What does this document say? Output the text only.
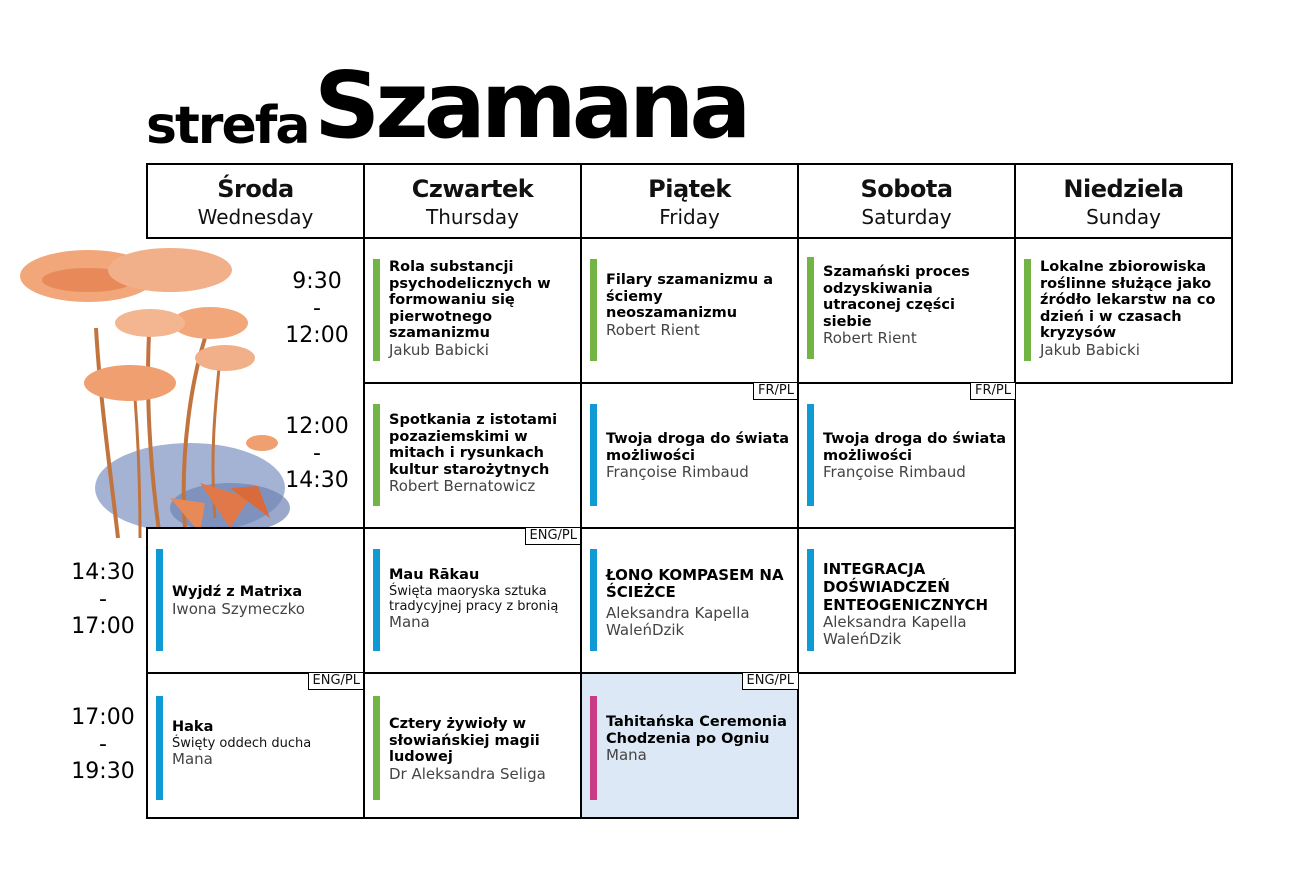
strefa Szamana
Środa
Wednesday
Czwartek
Thursday
Piątek
Friday
Sobota
Saturday
Niedziela
Sunday
9:30
-
12:00
12:00
-
14:30
14:30
-
17:00
17:00
-
19:30
Rola substancji psychodelicznych w formowaniu się pierwotnego szamanizmu
Jakub Babicki
Filary szamanizmu a ściemy neoszamanizmu
Robert Rient
Szamański proces odzyskiwania utraconej części siebie
Robert Rient
Lokalne zbiorowiska roślinne służące jako źródło lekarstw na co dzień i w czasach kryzysów
Jakub Babicki
Spotkania z istotami pozaziemskimi w mitach i rysunkach kultur starożytnych
Robert Bernatowicz
FR/PL
Twoja droga do świata możliwości
Françoise Rimbaud
FR/PL
Twoja droga do świata możliwości
Françoise Rimbaud
Wyjdź z Matrixa
Iwona Szymeczko
ENG/PL
Mau Rākau
Święta maoryska sztuka tradycyjnej pracy z bronią
Mana
ŁONO KOMPASEM NA ŚCIEŻCE
Aleksandra Kapella WaleńDzik
INTEGRACJA DOŚWIADCZEŃ ENTEOGENICZNYCH
Aleksandra Kapella WaleńDzik
ENG/PL
Haka
Święty oddech ducha
Mana
Cztery żywioły w słowiańskiej magii ludowej
Dr Aleksandra Seliga
ENG/PL
Tahitańska Ceremonia Chodzenia po Ogniu
Mana
